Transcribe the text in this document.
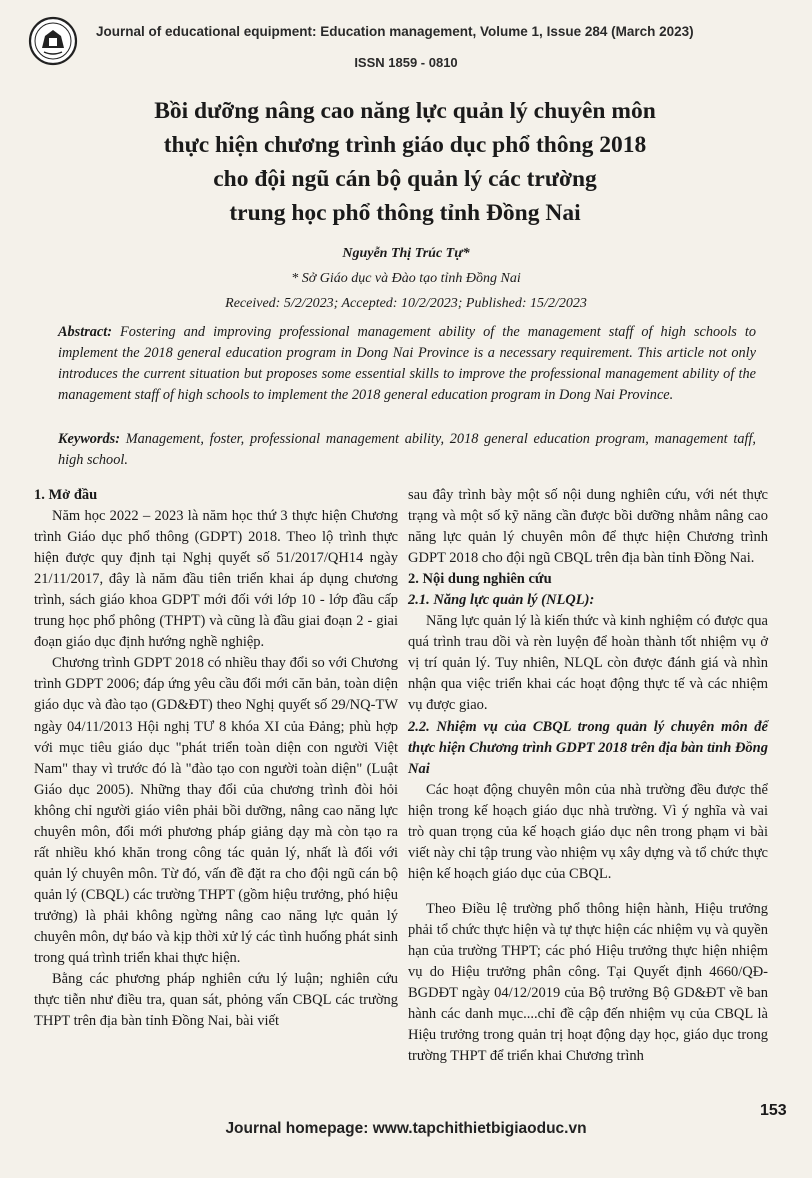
Journal of educational equipment: Education management, Volume 1, Issue 284 (March 2023)
ISSN 1859 - 0810
Bồi dưỡng nâng cao năng lực quản lý chuyên môn
thực hiện chương trình giáo dục phổ thông 2018
cho đội ngũ cán bộ quản lý các trường
trung học phổ thông tỉnh Đồng Nai
Nguyễn Thị Trúc Tự*
* Sở Giáo dục và Đào tạo tỉnh Đồng Nai
Received: 5/2/2023; Accepted: 10/2/2023; Published: 15/2/2023
Abstract: Fostering and improving professional management ability of the management staff of high schools to implement the 2018 general education program in Dong Nai Province is a necessary requirement. This article not only introduces the current situation but proposes some essential skills to improve the professional management ability of the management staff of high schools to implement the 2018 general education program in Dong Nai Province.
Keywords: Management, foster, professional management ability, 2018 general education program, management taff, high school.
1. Mở đầu

Năm học 2022 – 2023 là năm học thứ 3 thực hiện Chương trình Giáo dục phổ thông (GDPT) 2018. Theo lộ trình thực hiện được quy định tại Nghị quyết số 51/2017/QH14 ngày 21/11/2017, đây là năm đầu tiên triển khai áp dụng chương trình, sách giáo khoa GDPT mới đối với lớp 10 - lớp đầu cấp trung học phổ phông (THPT) và cũng là đầu giai đoạn 2 - giai đoạn giáo dục định hướng nghề nghiệp.

Chương trình GDPT 2018 có nhiều thay đổi so với Chương trình GDPT 2006; đáp ứng yêu cầu đổi mới căn bản, toàn diện giáo dục và đào tạo (GD&ĐT) theo Nghị quyết số 29/NQ-TW ngày 04/11/2013 Hội nghị TƯ 8 khóa XI của Đảng; phù hợp với mục tiêu giáo dục "phát triển toàn diện con người Việt Nam" thay vì trước đó là "đào tạo con người toàn diện" (Luật Giáo dục 2005). Những thay đổi của chương trình đòi hỏi không chỉ người giáo viên phải bồi dưỡng, nâng cao năng lực chuyên môn, đổi mới phương pháp giảng dạy mà còn tạo ra rất nhiều khó khăn trong công tác quản lý, nhất là đối với quản lý chuyên môn. Từ đó, vấn đề đặt ra cho đội ngũ cán bộ quản lý (CBQL) các trường THPT (gồm hiệu trưởng, phó hiệu trưởng) là phải không ngừng nâng cao năng lực quản lý chuyên môn, dự báo và kịp thời xử lý các tình huống phát sinh trong quá trình triển khai thực hiện.

Bằng các phương pháp nghiên cứu lý luận; nghiên cứu thực tiễn như điều tra, quan sát, phỏng vấn CBQL các trường THPT trên địa bàn tỉnh Đồng Nai, bài viết

sau đây trình bày một số nội dung nghiên cứu, với nét thực trạng và một số kỹ năng cần được bồi dưỡng nhằm nâng cao năng lực quản lý chuyên môn để thực hiện Chương trình GDPT 2018 cho đội ngũ CBQL trên địa bàn tỉnh Đồng Nai.

2. Nội dung nghiên cứu
2.1. Năng lực quản lý (NLQL):

Năng lực quản lý là kiến thức và kinh nghiệm có được qua quá trình trau dồi và rèn luyện để hoàn thành tốt nhiệm vụ ở vị trí quản lý. Tuy nhiên, NLQL còn được đánh giá và nhìn nhận qua việc triển khai các hoạt động thực tế và các nhiệm vụ được giao.

2.2. Nhiệm vụ của CBQL trong quản lý chuyên môn để thực hiện Chương trình GDPT 2018 trên địa bàn tỉnh Đồng Nai

Các hoạt động chuyên môn của nhà trường đều được thể hiện trong kế hoạch giáo dục nhà trường. Vì ý nghĩa và vai trò quan trọng của kế hoạch giáo dục nên trong phạm vi bài viết này chỉ tập trung vào nhiệm vụ xây dựng và tổ chức thực hiện kế hoạch giáo dục của CBQL.

Theo Điều lệ trường phổ thông hiện hành, Hiệu trưởng phải tổ chức thực hiện và tự thực hiện các nhiệm vụ và quyền hạn của trường THPT; các phó Hiệu trưởng thực hiện nhiệm vụ do Hiệu trưởng phân công. Tại Quyết định 4660/QĐ-BGDĐT ngày 04/12/2019 của Bộ trưởng Bộ GD&ĐT về ban hành các danh mục....chỉ đề cập đến nhiệm vụ của CBQL là Hiệu trưởng trong quản trị hoạt động dạy học, giáo dục trong trường THPT để triển khai Chương trình

153
Journal homepage: www.tapchithietbigiaoduc.vn
